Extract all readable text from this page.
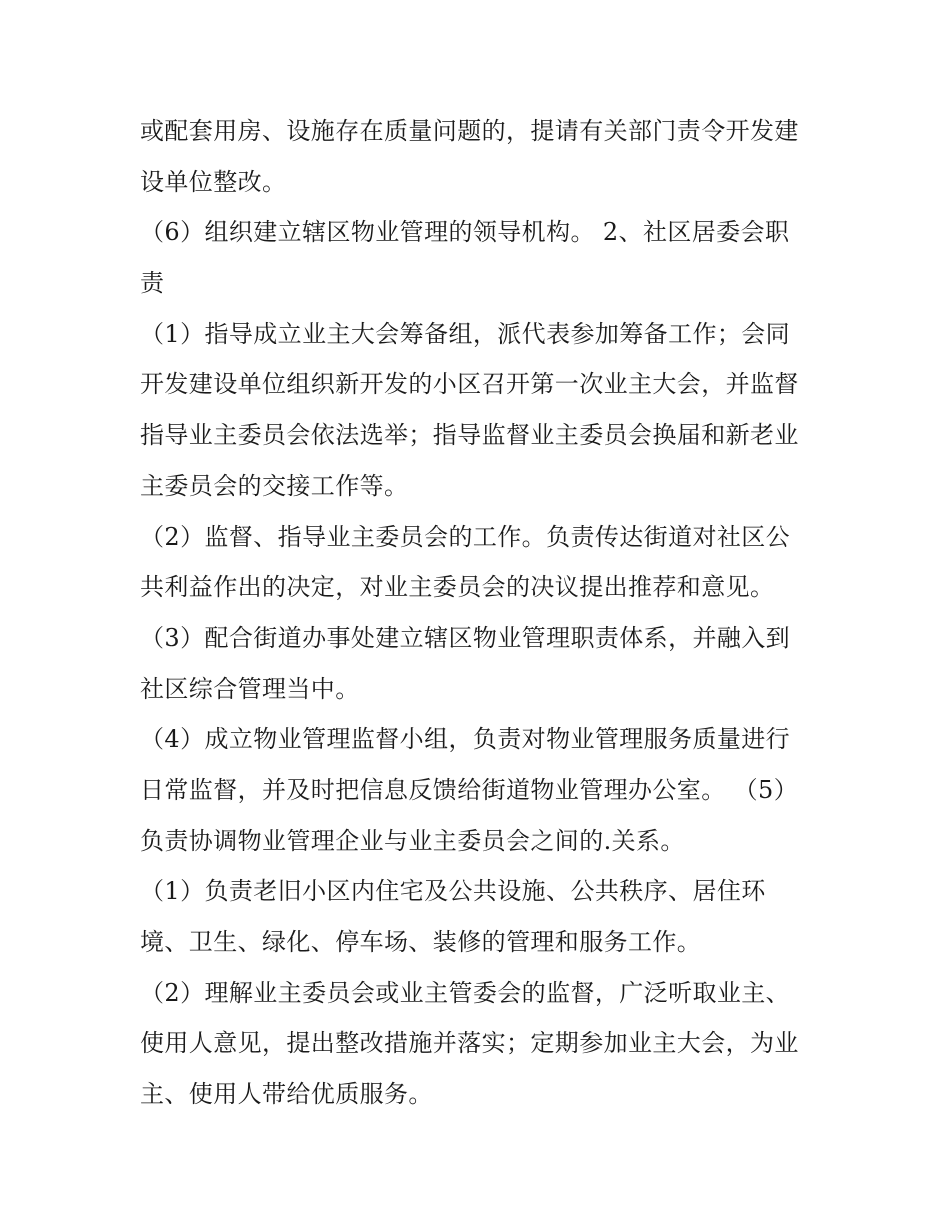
或配套用房、设施存在质量问题的，提请有关部门责令开发建
设单位整改。
（6）组织建立辖区物业管理的领导机构。 2、社区居委会职
责
（1）指导成立业主大会筹备组，派代表参加筹备工作；会同
开发建设单位组织新开发的小区召开第一次业主大会，并监督
指导业主委员会依法选举；指导监督业主委员会换届和新老业
主委员会的交接工作等。
（2）监督、指导业主委员会的工作。负责传达街道对社区公
共利益作出的决定，对业主委员会的决议提出推荐和意见。
（3）配合街道办事处建立辖区物业管理职责体系，并融入到
社区综合管理当中。
（4）成立物业管理监督小组，负责对物业管理服务质量进行
日常监督，并及时把信息反馈给街道物业管理办公室。 （5）
负责协调物业管理企业与业主委员会之间的.关系。
（1）负责老旧小区内住宅及公共设施、公共秩序、居住环
境、卫生、绿化、停车场、装修的管理和服务工作。
（2）理解业主委员会或业主管委会的监督，广泛听取业主、
使用人意见，提出整改措施并落实；定期参加业主大会，为业
主、使用人带给优质服务。
